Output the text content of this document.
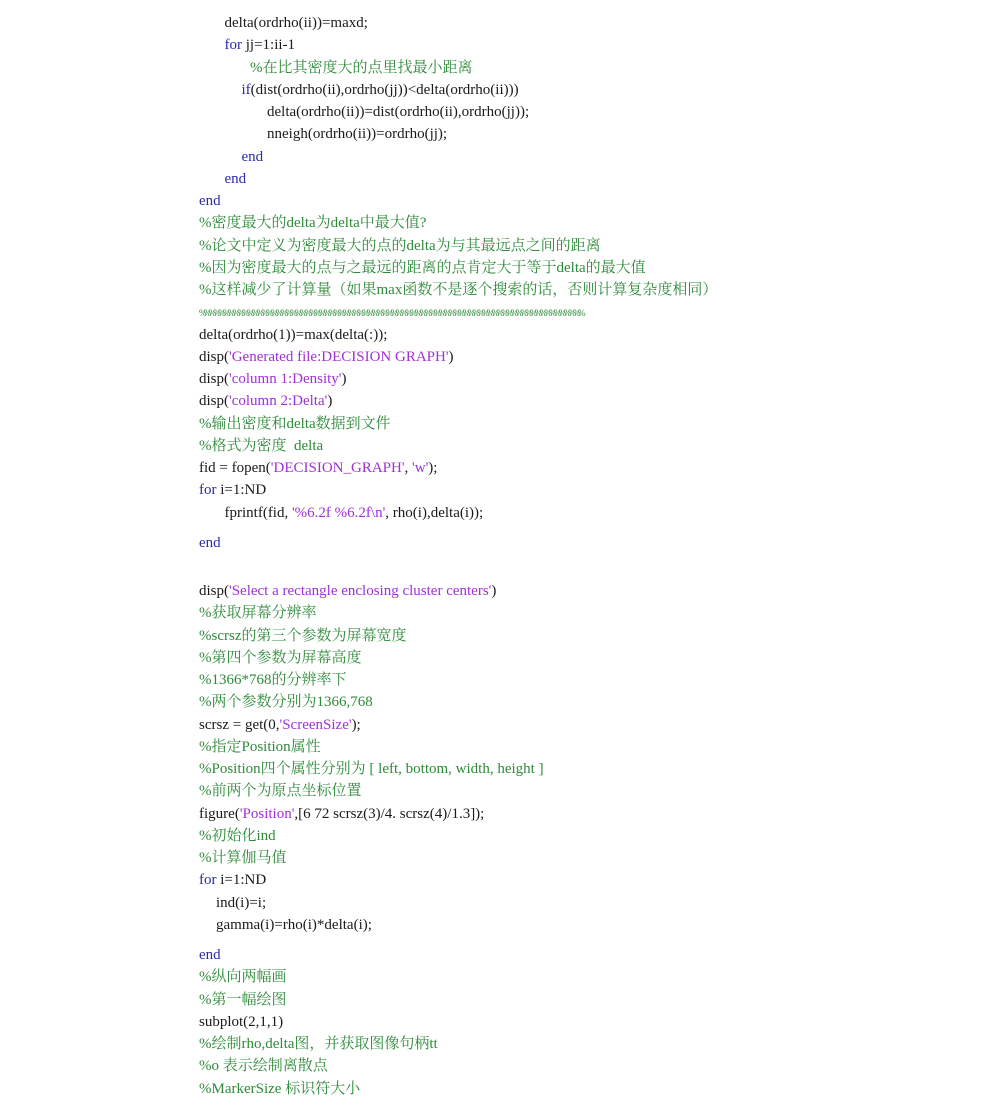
delta(ordrho(ii))=maxd;
for jj=1:ii-1
%在比其密度大的点里找最小距离
if(dist(ordrho(ii),ordrho(jj))<delta(ordrho(ii)))
delta(ordrho(ii))=dist(ordrho(ii),ordrho(jj));
nneigh(ordrho(ii))=ordrho(jj);
end
end
end
%密度最大的delta为delta中最大值?
%论文中定义为密度最大的点的delta为与其最远点之间的距离
%因为密度最大的点与之最远的距离的点肯定大于等于delta的最大值
%这样减少了计算量（如果max函数不是逐个搜索的话，否则计算复杂度相同）
%%%%%%%%%%%%%%%%%%%%%%%%%%%%%%%%%%%%%%%%%%%%%%%%%%%%%%%%%%%%%%%%%%%%%%%%%%%%%%%%
delta(ordrho(1))=max(delta(:));
disp('Generated file:DECISION GRAPH')
disp('column 1:Density')
disp('column 2:Delta')
%输出密度和delta数据到文件
%格式为密度  delta
fid = fopen('DECISION_GRAPH', 'w');
for i=1:ND
fprintf(fid, '%6.2f %6.2f\n', rho(i),delta(i));
end
disp('Select a rectangle enclosing cluster centers')
%获取屏幕分辨率
%scrsz的第三个参数为屏幕宽度
%第四个参数为屏幕高度
%1366*768的分辨率下
%两个参数分别为1366,768
scrsz = get(0,'ScreenSize');
%指定Position属性
%Position四个属性分别为 [ left, bottom, width, height ]
%前两个为原点坐标位置
figure('Position',[6 72 scrsz(3)/4. scrsz(4)/1.3]);
%初始化ind
%计算伽马值
for i=1:ND
ind(i)=i;
gamma(i)=rho(i)*delta(i);
end
%纵向两幅画
%第一幅绘图
subplot(2,1,1)
%绘制rho,delta图，并获取图像句柄tt
%o 表示绘制离散点
%MarkerSize 标识符大小
